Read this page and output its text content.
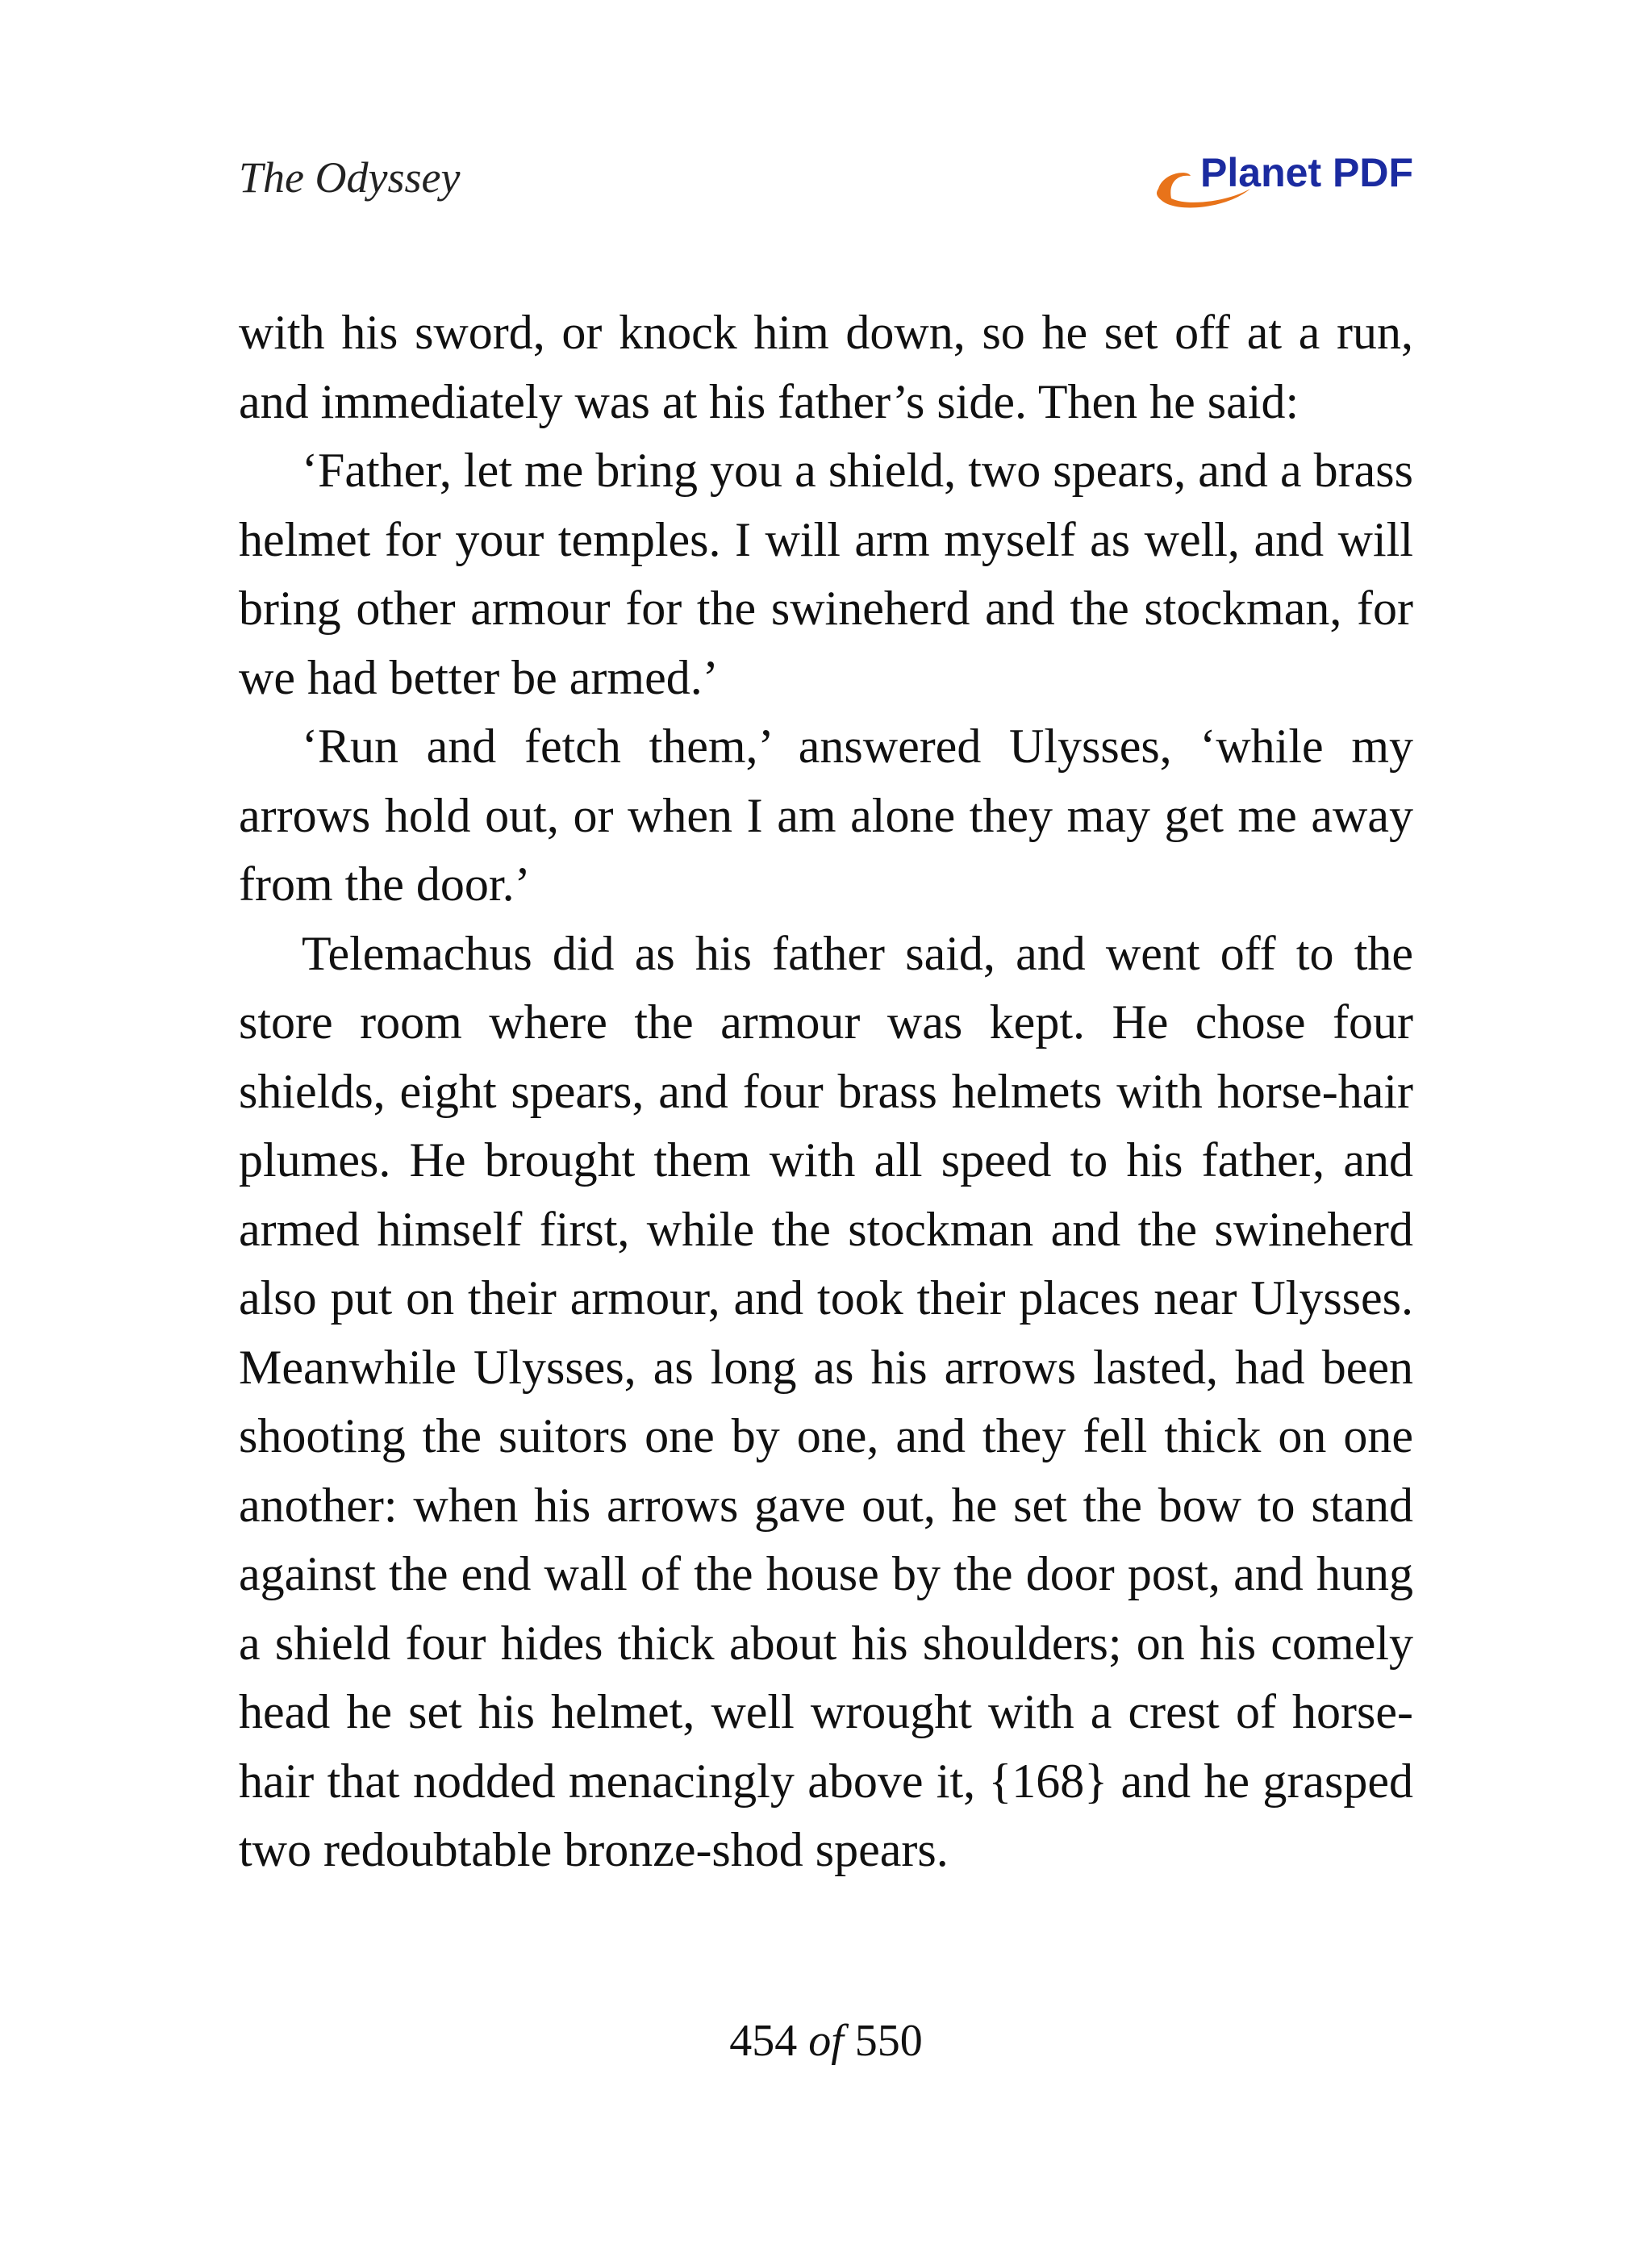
The Odyssey	Planet PDF

with his sword, or knock him down, so he set off at a run, and immediately was at his father’s side. Then he said:

‘Father, let me bring you a shield, two spears, and a brass helmet for your temples. I will arm myself as well, and will bring other armour for the swineherd and the stockman, for we had better be armed.’

‘Run and fetch them,’ answered Ulysses, ‘while my arrows hold out, or when I am alone they may get me away from the door.’

Telemachus did as his father said, and went off to the store room where the armour was kept. He chose four shields, eight spears, and four brass helmets with horse-hair plumes. He brought them with all speed to his father, and armed himself first, while the stockman and the swineherd also put on their armour, and took their places near Ulysses. Meanwhile Ulysses, as long as his arrows lasted, had been shooting the suitors one by one, and they fell thick on one another: when his arrows gave out, he set the bow to stand against the end wall of the house by the door post, and hung a shield four hides thick about his shoulders; on his comely head he set his helmet, well wrought with a crest of horse-hair that nodded menacingly above it, {168} and he grasped two redoubtable bronze-shod spears.

454 of 550
